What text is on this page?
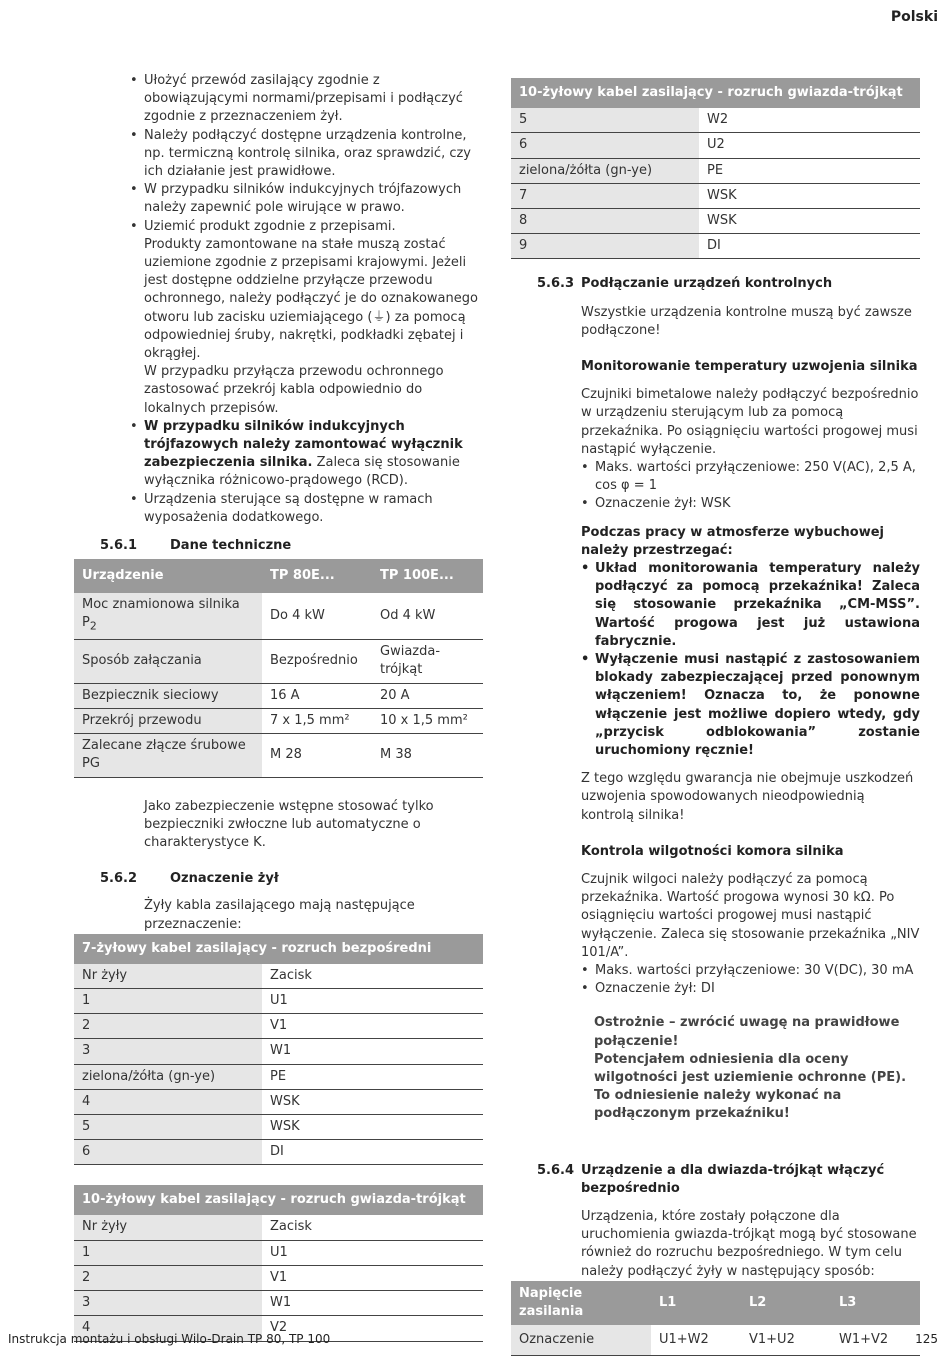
Polski
• Ułożyć przewód zasilający zgodnie z obowiązującymi normami/przepisami i podłączyć zgodnie z przeznaczeniem żył.
• Należy podłączyć dostępne urządzenia kontrolne, np. termiczną kontrolę silnika, oraz sprawdzić, czy ich działanie jest prawidłowe.
• W przypadku silników indukcyjnych trójfazowych należy zapewnić pole wirujące w prawo.
• Uziemić produkt zgodnie z przepisami.
Produkty zamontowane na stałe muszą zostać uziemione zgodnie z przepisami krajowymi. Jeżeli jest dostępne oddzielne przyłącze przewodu ochronnego, należy podłączyć je do oznakowanego otworu lub zacisku uziemiającego (⏚) za pomocą odpowiedniej śruby, nakrętki, podkładki zębatej i okrągłej.
W przypadku przyłącza przewodu ochronnego zastosować przekrój kabla odpowiednio do lokalnych przepisów.
• W przypadku silników indukcyjnych trójfazowych należy zamontować wyłącznik zabezpieczenia silnika. Zaleca się stosowanie wyłącznika różnicowo-prądowego (RCD).
• Urządzenia sterujące są dostępne w ramach wyposażenia dodatkowego.
5.6.1	Dane techniczne
Urządzenie	TP 80E...	TP 100E...
Moc znamionowa silnika $P_2$	Do 4 kW	Od 4 kW
Sposób załączania	Bezpośrednio	Gwiazda-trójkąt
Bezpiecznik sieciowy	16 A	20 A
Przekrój przewodu	7 x 1,5 mm²	10 x 1,5 mm²
Zalecane złącze śrubowe PG	M 28	M 38

Jako zabezpieczenie wstępne stosować tylko bezpieczniki zwłoczne lub automatyczne o charakterystyce K.

5.6.2	Oznaczenie żył

Żyły kabla zasilającego mają następujące przeznaczenie:

7-żyłowy kabel zasilający - rozruch bezpośredni	
Nr żyły	Zacisk
1	U1
2	V1
3	W1
zielona/żółta (gn-ye)	PE
4	WSK
5	WSK
6	DI
10-żyłowy kabel zasilający - rozruch gwiazda-trójkąt	
Nr żyły	Zacisk
1	U1
2	V1
3	W1
4	V2
10-żyłowy kabel zasilający - rozruch gwiazda-trójkąt	
5	W2
6	U2
zielona/żółta (gn-ye)	PE
7	WSK
8	WSK
9	DI
5.6.3 Podłączanie urządzeń kontrolnych

Wszystkie urządzenia kontrolne muszą być zawsze podłączone!

Monitorowanie temperatury uzwojenia silnika

Czujniki bimetalowe należy podłączyć bezpośrednio w urządzeniu sterującym lub za pomocą przekaźnika. Po osiągnięciu wartości progowej musi nastąpić wyłączenie.

• Maks. wartości przyłączeniowe: 250 V(AC), 2,5 A, cos φ = 1
• Oznaczenie żył: WSK

Podczas pracy w atmosferze wybuchowej należy przestrzegać:

• Układ monitorowania temperatury należy podłączyć za pomocą przekaźnika! Zaleca się stosowanie przekaźnika „CM-MSS”. Wartość progowa jest już ustawiona fabrycznie.
• Wyłączenie musi nastąpić z zastosowaniem blokady zabezpieczającej przed ponownym włączeniem! Oznacza to, że ponowne włączenie jest możliwe dopiero wtedy, gdy „przycisk odblokowania” zostanie uruchomiony ręcznie!

Z tego względu gwarancja nie obejmuje uszkodzeń uzwojenia spowodowanych nieodpowiednią kontrolą silnika!

Kontrola wilgotności komora silnika

Czujnik wilgoci należy podłączyć za pomocą przekaźnika. Wartość progowa wynosi 30 kΩ. Po osiągnięciu wartości progowej musi nastąpić wyłączenie. Zaleca się stosowanie przekaźnika „NIV 101/A”.

• Maks. wartości przyłączeniowe: 30 V(DC), 30 mA
• Oznaczenie żył: DI

Ostrożnie – zwrócić uwagę na prawidłowe połączenie!

Potencjałem odniesienia dla oceny wilgotności jest uziemienie ochronne (PE). To odniesienie należy wykonać na podłączonym przekaźniku!

5.6.4 Urządzenie a dla dwiazda-trójkąt włączyć bezpośrednio

Urządzenia, które zostały połączone dla uruchomienia gwiazda-trójkąt mogą być stosowane również do rozruchu bezpośredniego. W tym celu należy podłączyć żyły w następujący sposób:

Napięcie zasilania	L1	L2	L3
Oznaczenie	U1+W2	V1+U2	W1+V2
Instrukcja montażu i obsługi Wilo-Drain TP 80, TP 100	125
